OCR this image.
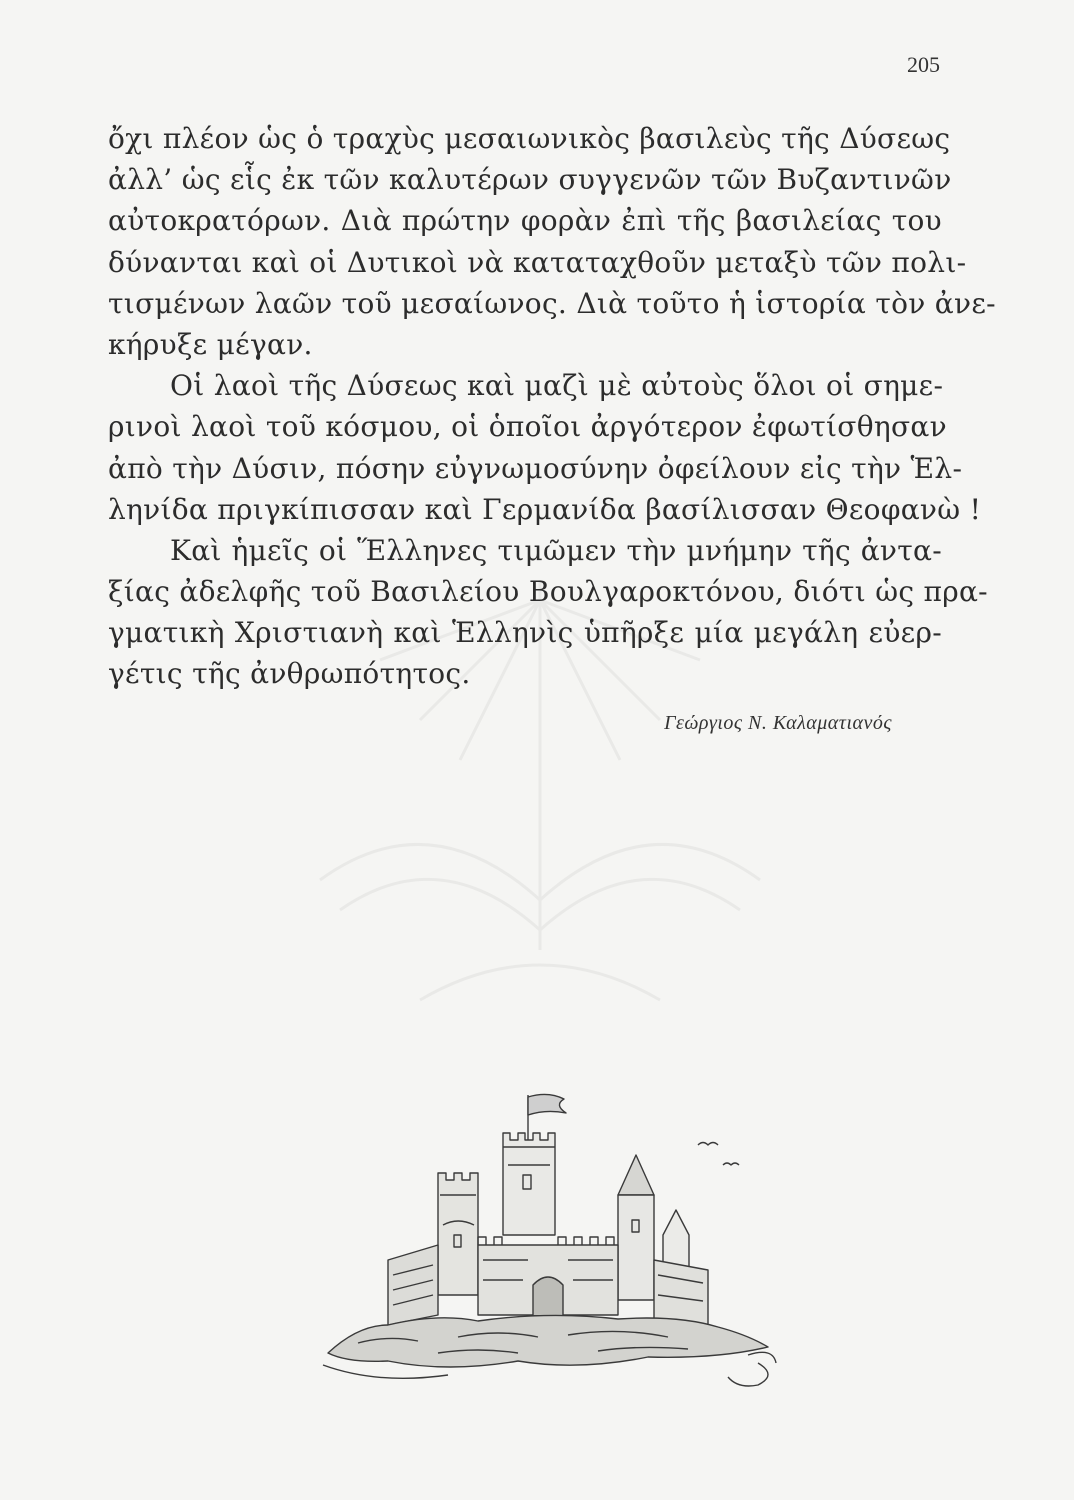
205
ὄχι πλέον ὡς ὁ τραχὺς μεσαιωνικὸς βασιλεὺς τῆς Δύσεως
ἀλλ’ ὡς εἷς ἐκ τῶν καλυτέρων συγγενῶν τῶν Βυζαντινῶν
αὐτοκρατόρων. Διὰ πρώτην φορὰν ἐπὶ τῆς βασιλείας του
δύνανται καὶ οἱ Δυτικοὶ νὰ καταταχθοῦν μεταξὺ τῶν πολι-
τισμένων λαῶν τοῦ μεσαίωνος. Διὰ τοῦτο ἡ ἱστορία τὸν ἀνε-
κήρυξε μέγαν.
Οἱ λαοὶ τῆς Δύσεως καὶ μαζὶ μὲ αὐτοὺς ὅλοι οἱ σημε-
ρινοὶ λαοὶ τοῦ κόσμου, οἱ ὁποῖοι ἀργότερον ἐφωτίσθησαν
ἀπὸ τὴν Δύσιν, πόσην εὐγνωμοσύνην ὀφείλουν εἰς τὴν Ἑλ-
ληνίδα πριγκίπισσαν καὶ Γερμανίδα βασίλισσαν Θεοφανὼ !
Καὶ ἡμεῖς οἱ Ἕλληνες τιμῶμεν τὴν μνήμην τῆς ἀντα-
ξίας ἀδελφῆς τοῦ Βασιλείου Βουλγαροκτόνου, διότι ὡς πρα-
γματικὴ Χριστιανὴ καὶ Ἑλληνὶς ὑπῆρξε μία μεγάλη εὐερ-
γέτις τῆς ἀνθρωπότητος.
Γεώργιος Ν. Καλαματιανός
